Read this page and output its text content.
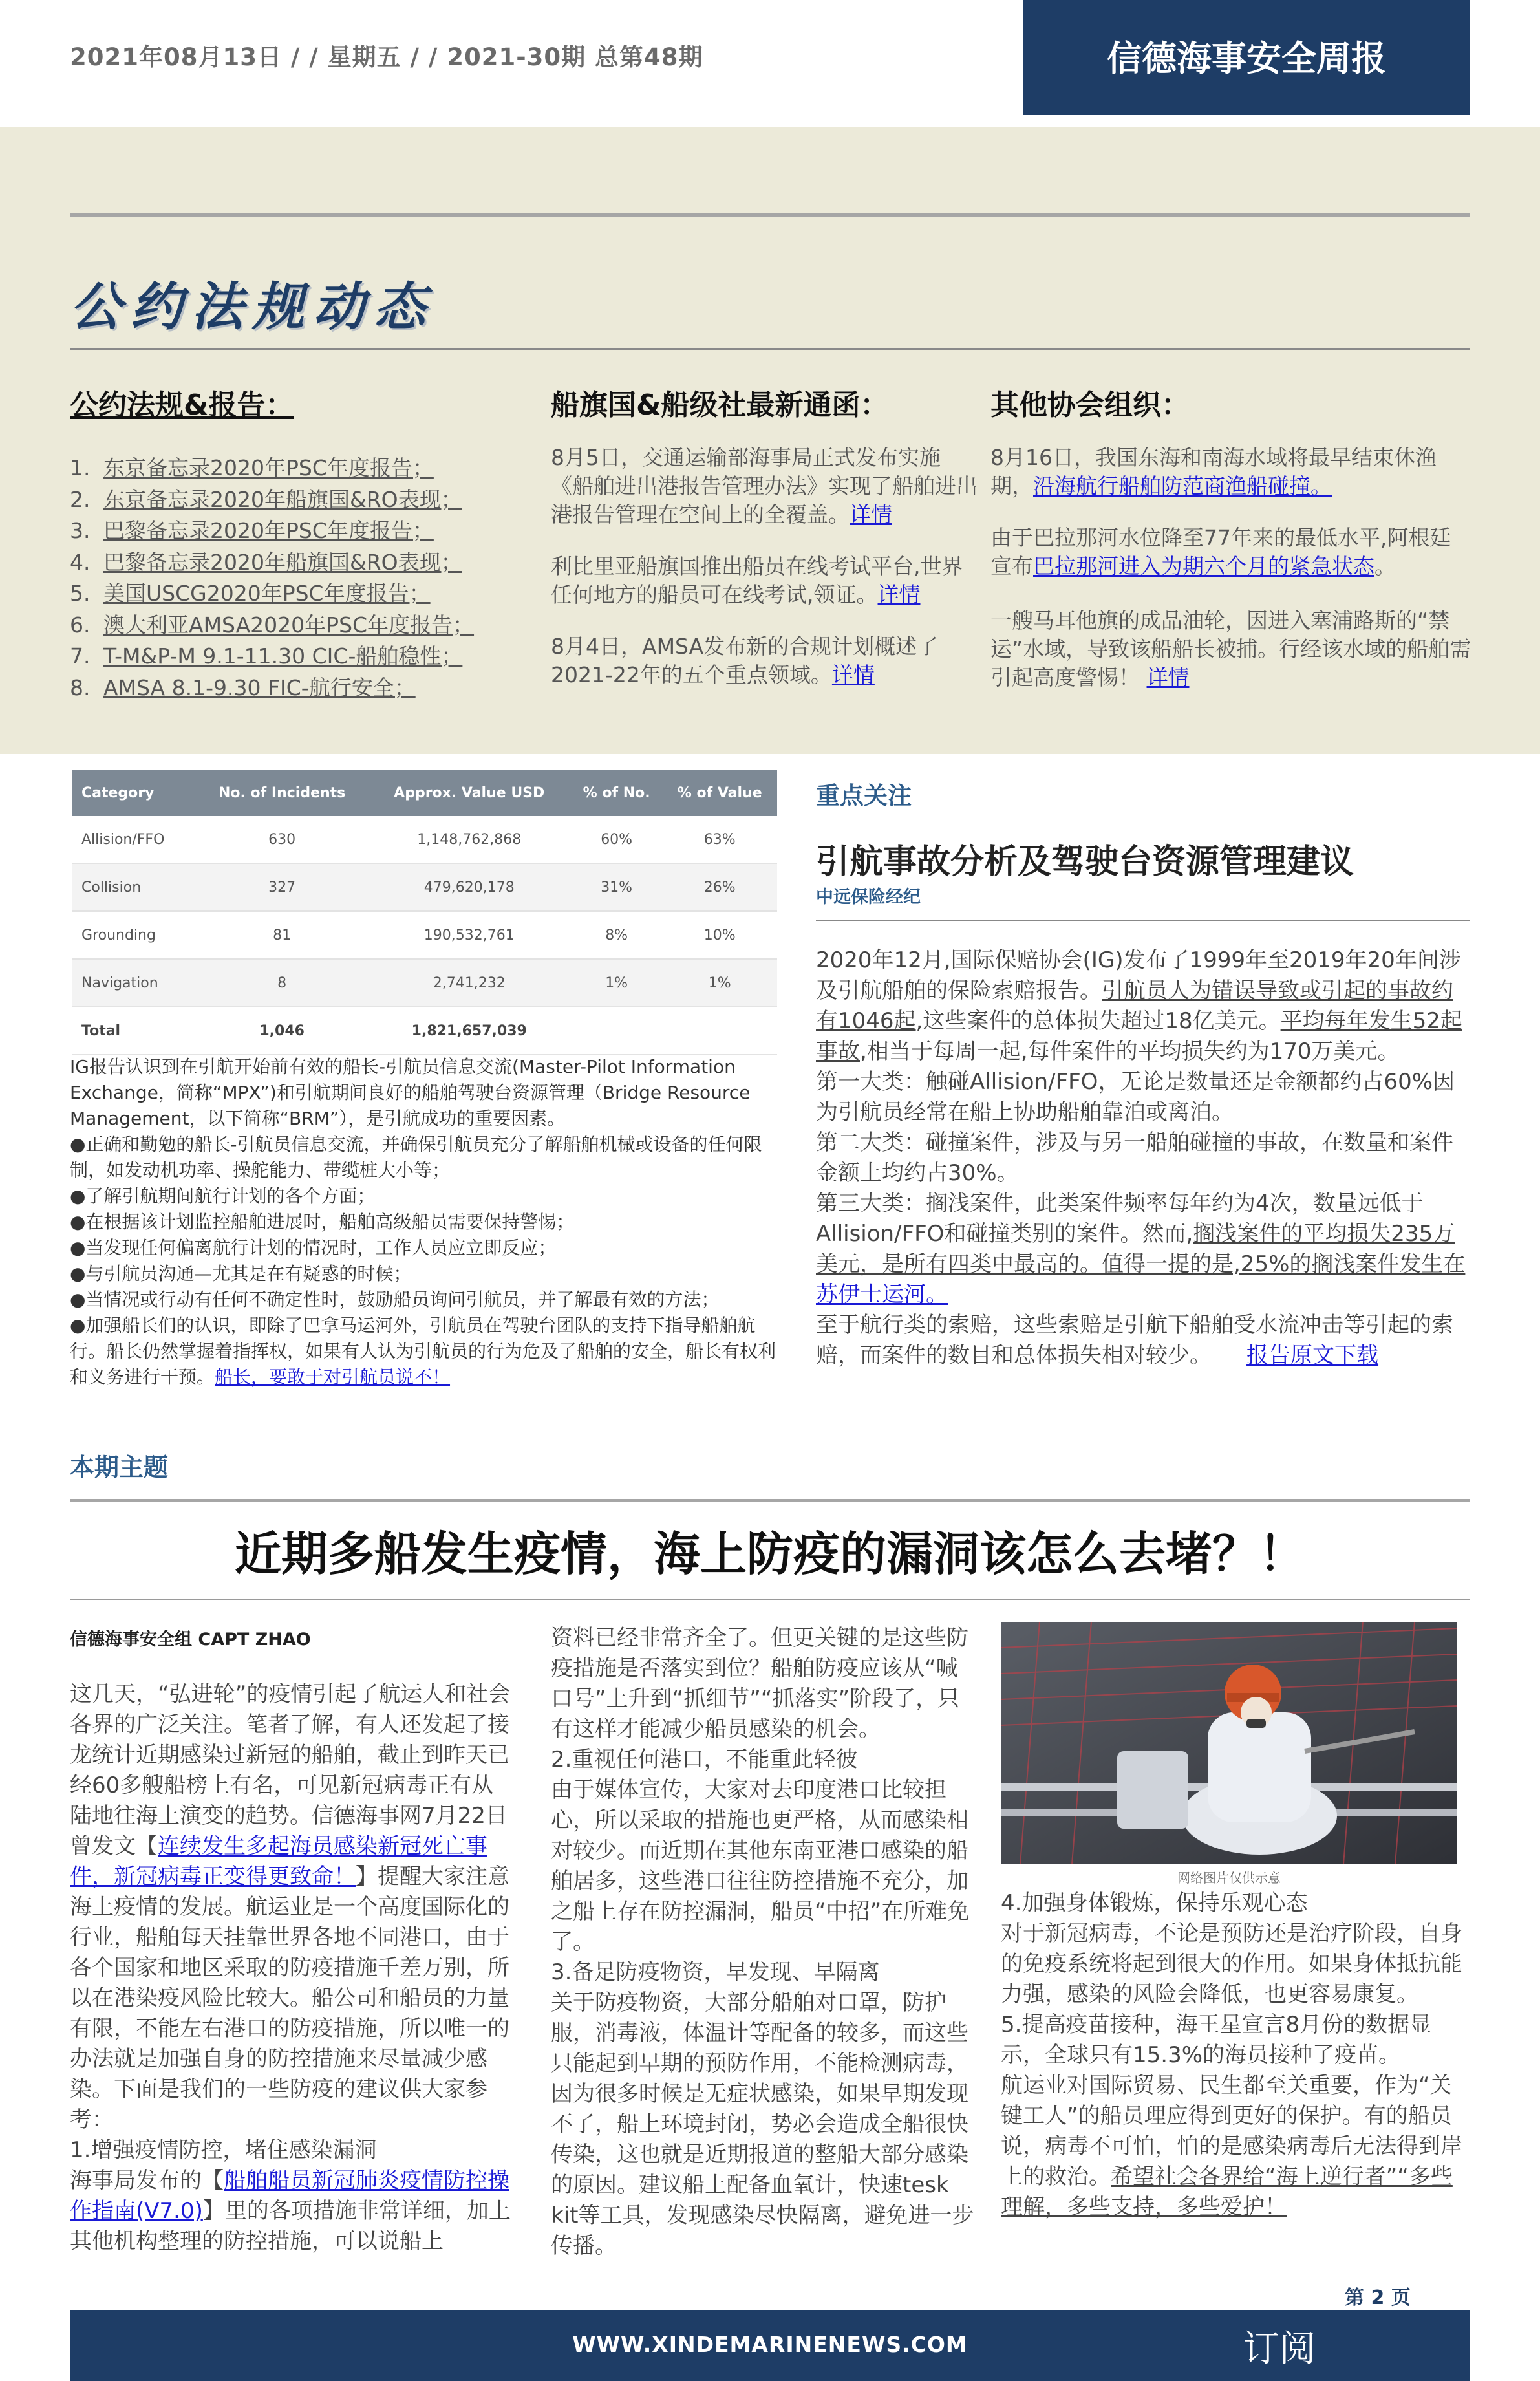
2021年08月13日 / / 星期五 / / 2021-30期 总第48期	信德海事安全周报
公约法规动态
公约法规&报告：
1. 东京备忘录2020年PSC年度报告；
2. 东京备忘录2020年船旗国&RO表现；
3. 巴黎备忘录2020年PSC年度报告；
4. 巴黎备忘录2020年船旗国&RO表现；
5. 美国USCG2020年PSC年度报告；
6. 澳大利亚AMSA2020年PSC年度报告；
7. T-M&P-M 9.1-11.30 CIC-船舶稳性；
8. AMSA 8.1-9.30 FIC-航行安全；
船旗国&船级社最新通函：

8月5日，交通运输部海事局正式发布实施《船舶进出港报告管理办法》实现了船舶进出港报告管理在空间上的全覆盖。详情

利比里亚船旗国推出船员在线考试平台,世界任何地方的船员可在线考试,领证。详情

8月4日，AMSA发布新的合规计划概述了2021-22年的五个重点领域。详情

其他协会组织：

8月16日，我国东海和南海水域将最早结束休渔期，沿海航行船舶防范商渔船碰撞。

由于巴拉那河水位降至77年来的最低水平,阿根廷宣布巴拉那河进入为期六个月的紧急状态。

一艘马耳他旗的成品油轮，因进入塞浦路斯的“禁运”水域，导致该船船长被捕。行经该水域的船舶需引起高度警惕！ 详情

Category	No. of Incidents	Approx. Value USD	% of No.	% of Value
Allision/FFO	630	1,148,762,868	60%	63%
Collision	327	479,620,178	31%	26%
Grounding	81	190,532,761	8%	10%
Navigation	8	2,741,232	1%	1%
Total	1,046	1,821,657,039		
IG报告认识到在引航开始前有效的船长-引航员信息交流(Master-Pilot Information Exchange，简称“MPX”)和引航期间良好的船舶驾驶台资源管理（Bridge Resource Management，以下简称“BRM”），是引航成功的重要因素。
●正确和勤勉的船长-引航员信息交流，并确保引航员充分了解船舶机械或设备的任何限制，如发动机功率、操舵能力、带缆桩大小等；
●了解引航期间航行计划的各个方面；
●在根据该计划监控船舶进展时，船舶高级船员需要保持警惕；
●当发现任何偏离航行计划的情况时，工作人员应立即反应；
●与引航员沟通—尤其是在有疑惑的时候；
●当情况或行动有任何不确定性时，鼓励船员询问引航员，并了解最有效的方法；
●加强船长们的认识，即除了巴拿马运河外，引航员在驾驶台团队的支持下指导船舶航行。船长仍然掌握着指挥权，如果有人认为引航员的行为危及了船舶的安全，船长有权利和义务进行干预。船长，要敢于对引航员说不！
重点关注
引航事故分析及驾驶台资源管理建议
中远保险经纪
2020年12月,国际保赔协会(IG)发布了1999年至2019年20年间涉及引航船舶的保险索赔报告。引航员人为错误导致或引起的事故约有1046起,这些案件的总体损失超过18亿美元。平均每年发生52起事故,相当于每周一起,每件案件的平均损失约为170万美元。
第一大类：触碰Allision/FFO，无论是数量还是金额都约占60%因为引航员经常在船上协助船舶靠泊或离泊。
第二大类：碰撞案件，涉及与另一船舶碰撞的事故，在数量和案件金额上均约占30%。
第三大类：搁浅案件，此类案件频率每年约为4次，数量远低于Allision/FFO和碰撞类别的案件。然而,搁浅案件的平均损失235万美元，是所有四类中最高的。值得一提的是,25%的搁浅案件发生在苏伊士运河。
至于航行类的索赔，这些索赔是引航下船舶受水流冲击等引起的索赔，而案件的数目和总体损失相对较少。 报告原文下载
本期主题
近期多船发生疫情，海上防疫的漏洞该怎么去堵？！
信德海事安全组 CAPT ZHAO
这几天，“弘进轮”的疫情引起了航运人和社会各界的广泛关注。笔者了解，有人还发起了接龙统计近期感染过新冠的船舶，截止到昨天已经60多艘船榜上有名，可见新冠病毒正有从陆地往海上演变的趋势。信德海事网7月22日曾发文【连续发生多起海员感染新冠死亡事件，新冠病毒正变得更致命！】提醒大家注意海上疫情的发展。航运业是一个高度国际化的行业，船舶每天挂靠世界各地不同港口，由于各个国家和地区采取的防疫措施千差万别，所以在港染疫风险比较大。船公司和船员的力量有限，不能左右港口的防疫措施，所以唯一的办法就是加强自身的防控措施来尽量减少感染。下面是我们的一些防疫的建议供大家参考：
1.增强疫情防控，堵住感染漏洞
海事局发布的【船舶船员新冠肺炎疫情防控操作指南(V7.0)】里的各项措施非常详细，加上其他机构整理的防控措施，可以说船上
资料已经非常齐全了。但更关键的是这些防疫措施是否落实到位？船舶防疫应该从“喊口号”上升到“抓细节”“抓落实”阶段了，只有这样才能减少船员感染的机会。
2.重视任何港口，不能重此轻彼
由于媒体宣传，大家对去印度港口比较担心，所以采取的措施也更严格，从而感染相对较少。而近期在其他东南亚港口感染的船舶居多，这些港口往往防控措施不充分，加之船上存在防控漏洞，船员“中招”在所难免了。
3.备足防疫物资，早发现、早隔离
关于防疫物资，大部分船舶对口罩，防护服，消毒液，体温计等配备的较多，而这些只能起到早期的预防作用，不能检测病毒，因为很多时候是无症状感染，如果早期发现不了，船上环境封闭，势必会造成全船很快传染，这也就是近期报道的整船大部分感染的原因。建议船上配备血氧计，快速tesk kit等工具，发现感染尽快隔离，避免进一步传播。
网络图片仅供示意
4.加强身体锻炼，保持乐观心态
对于新冠病毒，不论是预防还是治疗阶段，自身的免疫系统将起到很大的作用。如果身体抵抗能力强，感染的风险会降低，也更容易康复。
5.提高疫苗接种，海王星宣言8月份的数据显示，全球只有15.3%的海员接种了疫苗。
航运业对国际贸易、民生都至关重要，作为“关键工人”的船员理应得到更好的保护。有的船员说，病毒不可怕，怕的是感染病毒后无法得到岸上的救治。希望社会各界给“海上逆行者”“多些理解，多些支持，多些爱护！
第 2 页
WWW.XINDEMARINENEWS.COM	订阅
